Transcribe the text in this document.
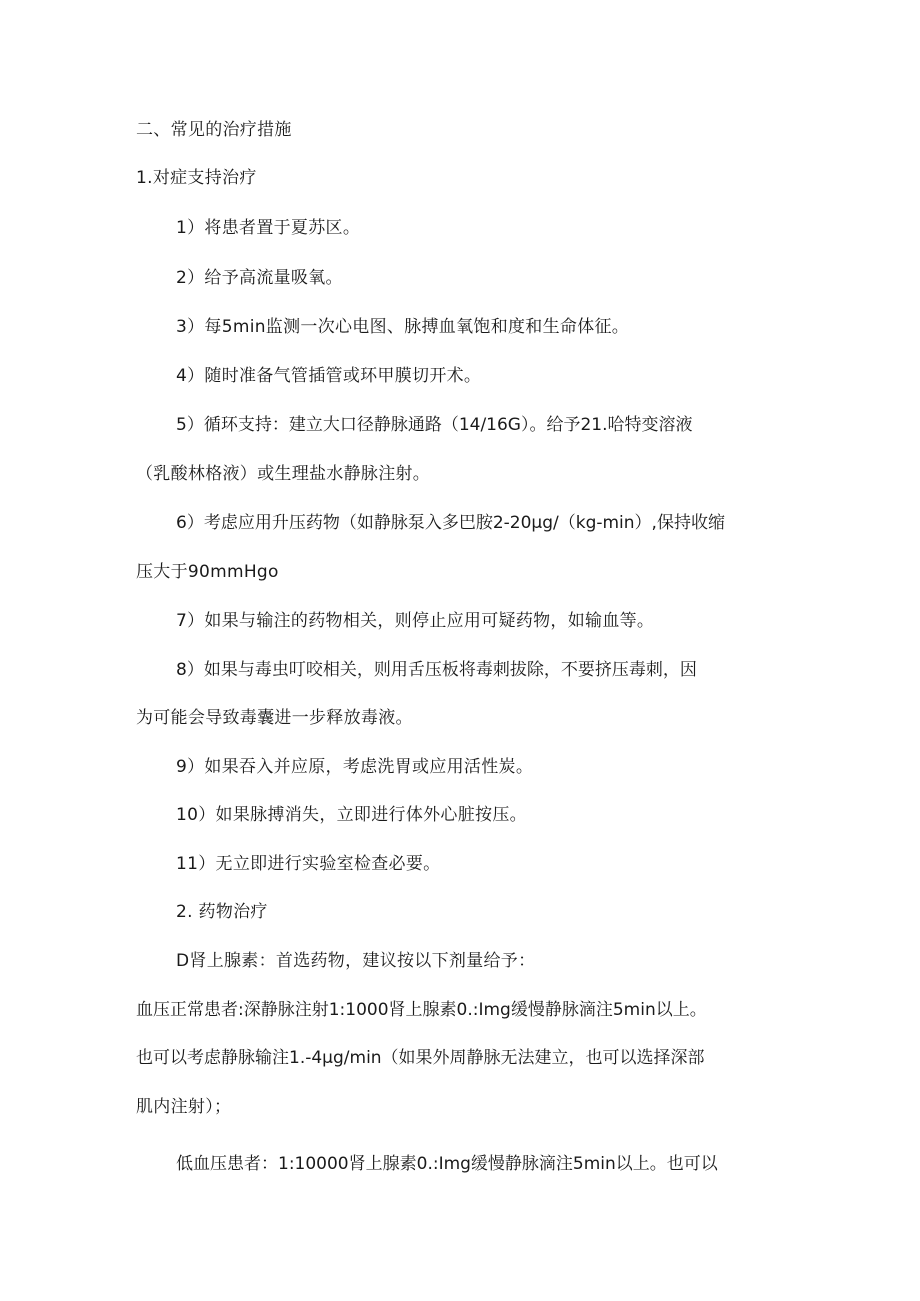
二、常见的治疗措施
1.对症支持治疗
1）将患者置于夏苏区。
2）给予高流量吸氧。
3）每5min监测一次心电图、脉搏血氧饱和度和生命体征。
4）随时准备气管插管或环甲膜切开术。
5）循环支持：建立大口径静脉通路（14/16G）。给予21.哈特变溶液
（乳酸林格液）或生理盐水静脉注射。
6）考虑应用升压药物（如静脉泵入多巴胺2-20μg∕（kg-min）,保持收缩
压大于90mmHgo
7）如果与输注的药物相关，则停止应用可疑药物，如输血等。
8）如果与毒虫叮咬相关，则用舌压板将毒刺拔除，不要挤压毒刺，因
为可能会导致毒囊进一步释放毒液。
9）如果吞入并应原，考虑洗胃或应用活性炭。
10）如果脉搏消失，立即进行体外心脏按压。
11）无立即进行实验室检查必要。
2. 药物治疗
D肾上腺素：首选药物，建议按以下剂量给予：
血压正常患者:深静脉注射1:1000肾上腺素0.:Img缓慢静脉滴注5min以上。
也可以考虑静脉输注1.-4μg/min（如果外周静脉无法建立，也可以选择深部
肌内注射）；
低血压患者：1:10000肾上腺素0.:Img缓慢静脉滴注5min以上。也可以
